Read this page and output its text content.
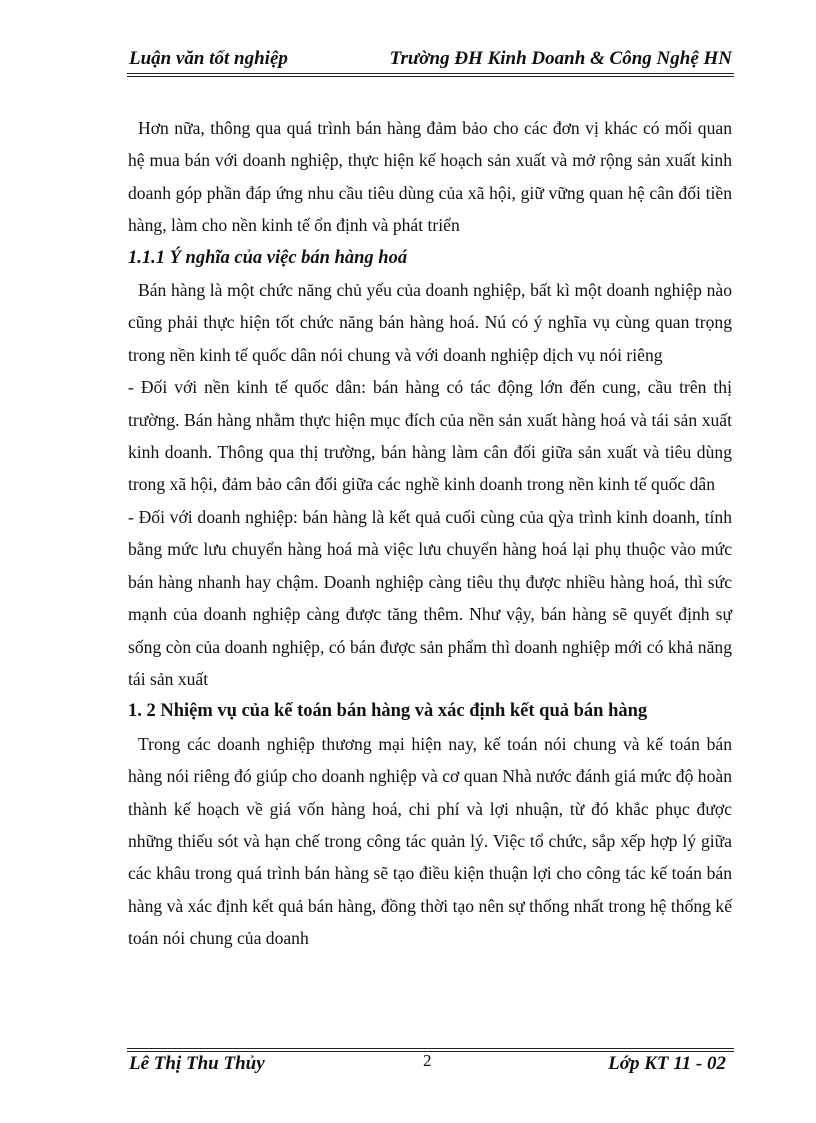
Luận văn tốt nghiệp	Trường ĐH Kinh Doanh & Công Nghệ HN

Hơn nữa, thông qua quá trình bán hàng đảm bảo cho các đơn vị khác có mối quan hệ mua bán với doanh nghiệp, thực hiện kế hoạch sản xuất và mở rộng sản xuất kinh doanh góp phần đáp ứng nhu cầu tiêu dùng của xã hội, giữ vững quan hệ cân đối tiền hàng, làm cho nền kinh tế ổn định và phát triển

1.1.1 Ý nghĩa của việc bán hàng hoá

Bán hàng là một chức năng chủ yếu của doanh nghiệp, bất kì một doanh nghiệp nào cũng phải thực hiện tốt chức năng bán hàng hoá. Nú có ý nghĩa vụ cùng quan trọng trong nền kinh tế quốc dân nói chung và với doanh nghiệp dịch vụ nói riêng

- Đối với nền kinh tế quốc dân: bán hàng có tác động lớn đến cung, cầu trên thị trường. Bán hàng nhằm thực hiện mục đích của nền sản xuất hàng hoá và tái sản xuất kinh doanh. Thông qua thị trường, bán hàng làm cân đối giữa sản xuất và tiêu dùng trong xã hội, đảm bảo cân đối giữa các nghề kinh doanh trong nền kinh tế quốc dân

- Đối với doanh nghiệp: bán hàng là kết quả cuối cùng của qỳa trình kinh doanh, tính bằng mức lưu chuyển hàng hoá mà việc lưu chuyển hàng hoá lại phụ thuộc vào mức bán hàng nhanh hay chậm. Doanh nghiệp càng tiêu thụ được nhiều hàng hoá, thì sức mạnh của doanh nghiệp càng được tăng thêm. Như vậy, bán hàng sẽ quyết định sự sống còn của doanh nghiệp, có bán được sản phẩm thì doanh nghiệp mới có khả năng tái sản xuất

1. 2 Nhiệm vụ của kế toán bán hàng và xác định kết quả bán hàng

Trong các doanh nghiệp thương mại hiện nay, kế toán nói chung và kế toán bán hàng nói riêng đó giúp cho doanh nghiệp và cơ quan Nhà nước đánh giá mức độ hoàn thành kế hoạch về giá vốn hàng hoá, chi phí và lợi nhuận, từ đó khắc phục được những thiếu sót và hạn chế trong công tác quản lý. Việc tổ chức, sắp xếp hợp lý giữa các khâu trong quá trình bán hàng sẽ tạo điều kiện thuận lợi cho công tác kế toán bán hàng và xác định kết quả bán hàng, đồng thời tạo nên sự thống nhất trong hệ thống kế toán nói chung của doanh

Lê Thị Thu Thủy	2	Lớp KT 11 - 02
